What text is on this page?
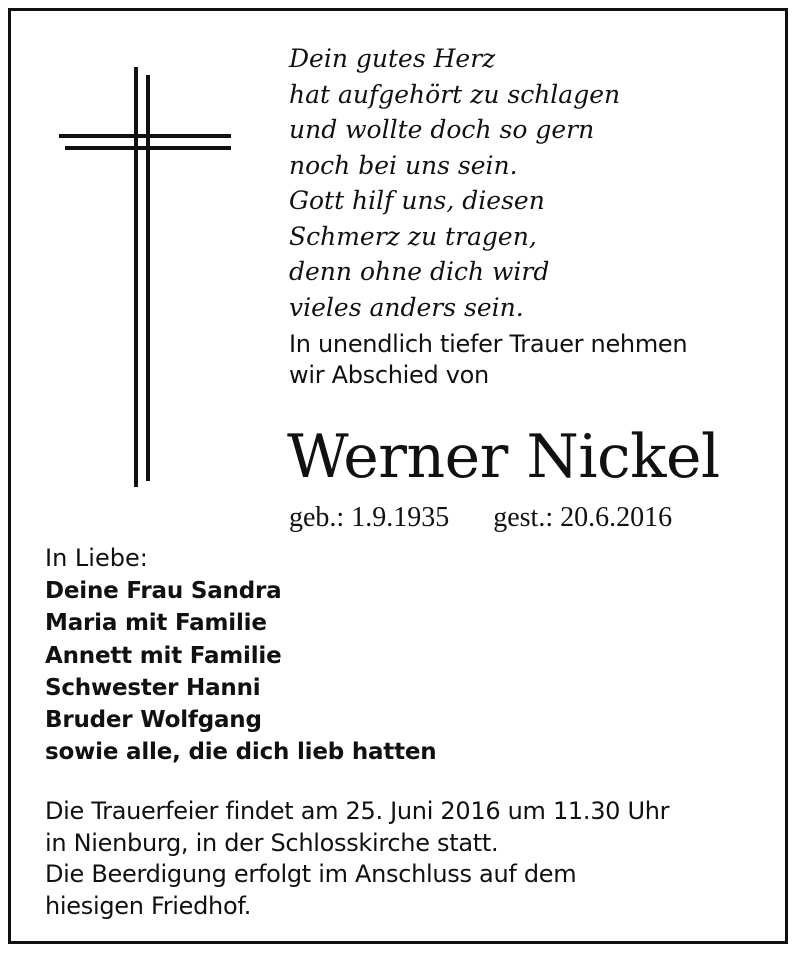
Dein gutes Herz
hat aufgehört zu schlagen
und wollte doch so gern
noch bei uns sein.
Gott hilf uns, diesen
Schmerz zu tragen,
denn ohne dich wird
vieles anders sein.
In unendlich tiefer Trauer nehmen
wir Abschied von
Werner Nickel
geb.: 1.9.1935 gest.: 20.6.2016
In Liebe:
Deine Frau Sandra
Maria mit Familie
Annett mit Familie
Schwester Hanni
Bruder Wolfgang
sowie alle, die dich lieb hatten
Die Trauerfeier findet am 25. Juni 2016 um 11.30 Uhr
in Nienburg, in der Schlosskirche statt.
Die Beerdigung erfolgt im Anschluss auf dem
hiesigen Friedhof.
